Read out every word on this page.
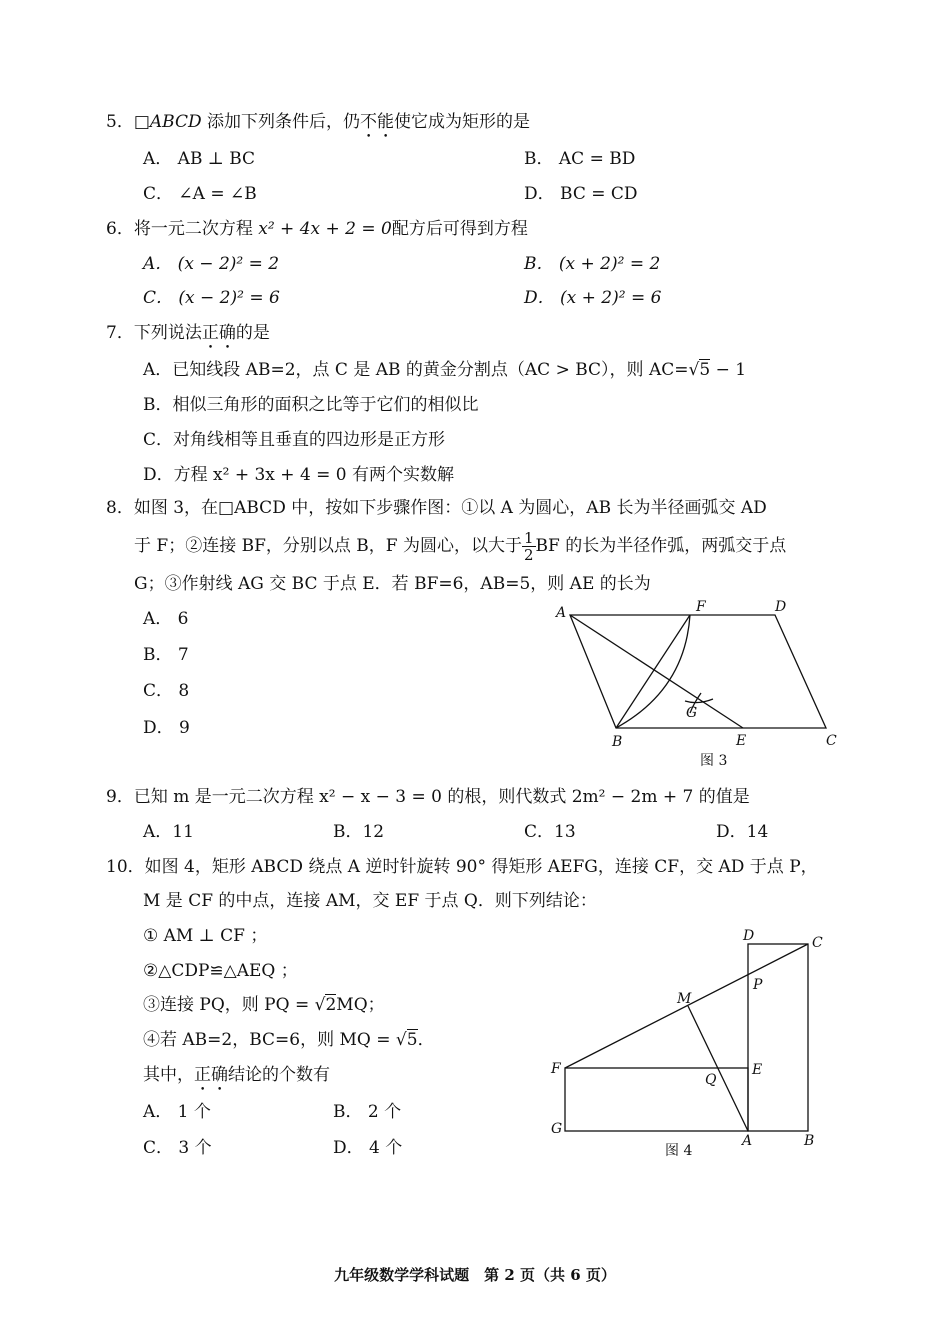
5．□ABCD 添加下列条件后，仍不能使它成为矩形的是
A． AB ⊥ BC	B． AC = BD
C． ∠A = ∠B	D． BC = CD
6．将一元二次方程 x² + 4x + 2 = 0配方后可得到方程
A． (x − 2)² = 2	B． (x + 2)² = 2
C． (x − 2)² = 6	D． (x + 2)² = 6
7．下列说法正确的是
A．已知线段 AB=2，点 C 是 AB 的黄金分割点（AC > BC），则 AC=√5 − 1
B．相似三角形的面积之比等于它们的相似比
C．对角线相等且垂直的四边形是正方形
D．方程 x² + 3x + 4 = 0 有两个实数解
8．如图 3，在□ABCD 中，按如下步骤作图：①以 A 为圆心，AB 长为半径画弧交 AD
于 F；②连接 BF，分别以点 B，F 为圆心，以大于 $\frac{1}{2}$ BF 的长为半径作弧，两弧交于点
G；③作射线 AG 交 BC 于点 E．若 BF=6，AB=5，则 AE 的长为
A． 6
B． 7
C． 8
D． 9
A	F	D
G
B	E	C
图 3
9．已知 m 是一元二次方程 x² − x − 3 = 0 的根，则代数式 2m² − 2m + 7 的值是
A．11	B．12	C．13	D．14
10．如图 4，矩形 ABCD 绕点 A 逆时针旋转 90° 得矩形 AEFG，连接 CF，交 AD 于点 P，
M 是 CF 的中点，连接 AM，交 EF 于点 Q．则下列结论：
① AM ⊥ CF ；
②△CDP≌△AEQ ；
③连接 PQ，则 PQ = √2MQ；
④若 AB=2，BC=6，则 MQ = √5．
其中，正确结论的个数有
A． 1 个	B． 2 个
C． 3 个	D． 4 个
D	C
P
M
F	E
Q
G
A	B
图 4
九年级数学学科试题　第 2 页（共 6 页）
